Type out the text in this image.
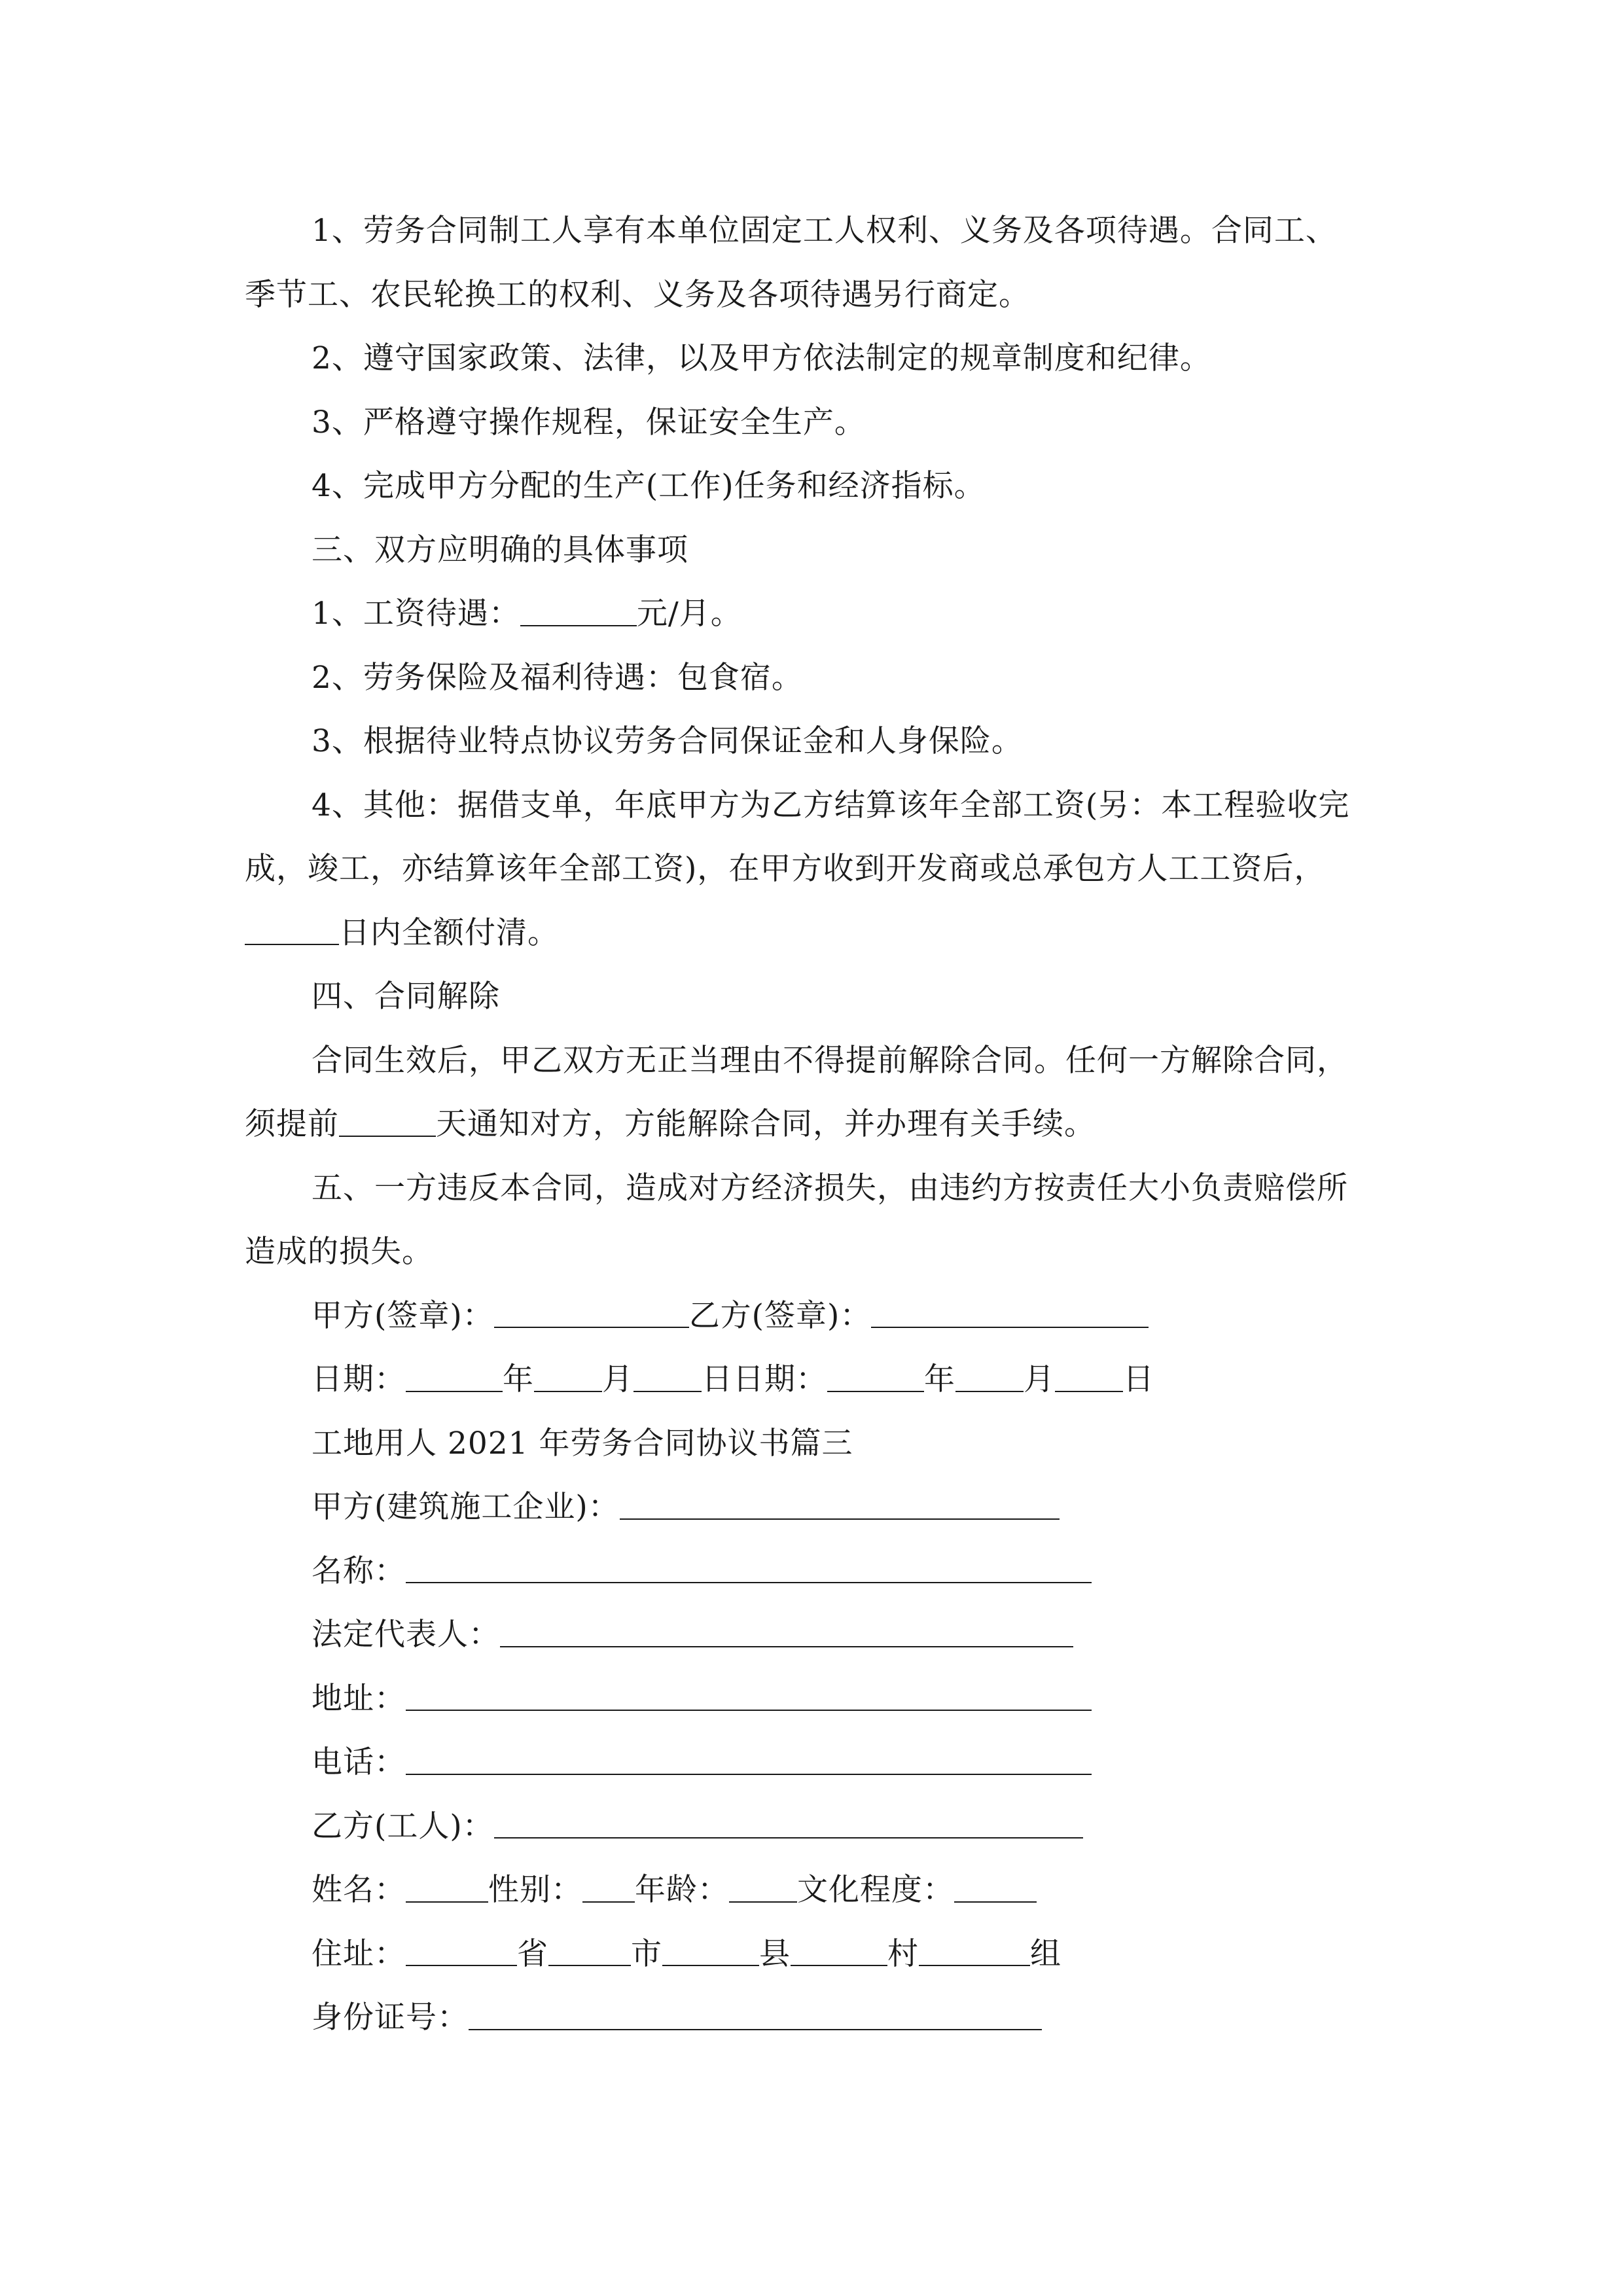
1、劳务合同制工人享有本单位固定工人权利、义务及各项待遇。合同工、
季节工、农民轮换工的权利、义务及各项待遇另行商定。
2、遵守国家政策、法律，以及甲方依法制定的规章制度和纪律。
3、严格遵守操作规程，保证安全生产。
4、完成甲方分配的生产(工作)任务和经济指标。
三、双方应明确的具体事项
1、工资待遇：	元/月。
2、劳务保险及福利待遇：包食宿。
3、根据待业特点协议劳务合同保证金和人身保险。
4、其他：据借支单，年底甲方为乙方结算该年全部工资(另：本工程验收完
成，竣工，亦结算该年全部工资)，在甲方收到开发商或总承包方人工工资后，
日内全额付清。
四、合同解除
合同生效后，甲乙双方无正当理由不得提前解除合同。任何一方解除合同，
须提前	天通知对方，方能解除合同，并办理有关手续。
五、一方违反本合同，造成对方经济损失，由违约方按责任大小负责赔偿所
造成的损失。
甲方(签章)：	乙方(签章)：
日期：	年 月 日日期：	年 月 日
工地用人 2021 年劳务合同协议书篇三
甲方(建筑施工企业)：
名称：
法定代表人：
地址：
电话：
乙方(工人)：
姓名：	性别： 年龄： 文化程度：
住址：	省	市	县	村	组
身份证号：
